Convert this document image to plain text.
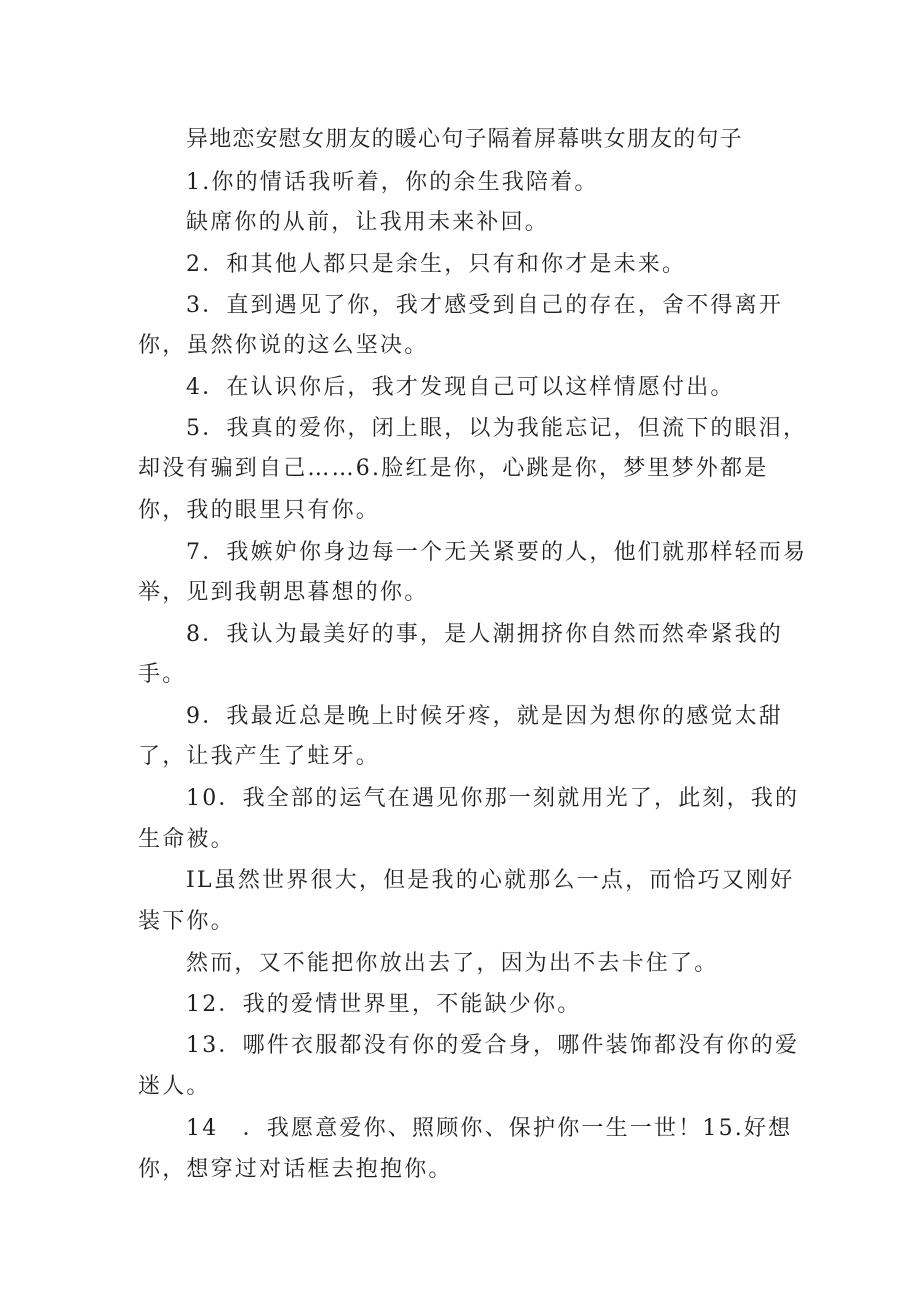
异地恋安慰女朋友的暖心句子隔着屏幕哄女朋友的句子
1.你的情话我听着，你的余生我陪着。
缺席你的从前，让我用未来补回。
2．和其他人都只是余生，只有和你才是未来。
3．直到遇见了你，我才感受到自己的存在，舍不得离开
你，虽然你说的这么坚决。
4．在认识你后，我才发现自己可以这样情愿付出。
5．我真的爱你，闭上眼，以为我能忘记，但流下的眼泪，
却没有骗到自己……6.脸红是你，心跳是你，梦里梦外都是
你，我的眼里只有你。
7．我嫉妒你身边每一个无关紧要的人，他们就那样轻而易
举，见到我朝思暮想的你。
8．我认为最美好的事，是人潮拥挤你自然而然牵紧我的
手。
9．我最近总是晚上时候牙疼，就是因为想你的感觉太甜
了，让我产生了蛀牙。
10．我全部的运气在遇见你那一刻就用光了，此刻，我的
生命被。
IL虽然世界很大，但是我的心就那么一点，而恰巧又刚好
装下你。
然而，又不能把你放出去了，因为出不去卡住了。
12．我的爱情世界里，不能缺少你。
13．哪件衣服都没有你的爱合身，哪件装饰都没有你的爱
迷人。
14　．我愿意爱你、照顾你、保护你一生一世！15.好想
你，想穿过对话框去抱抱你。
